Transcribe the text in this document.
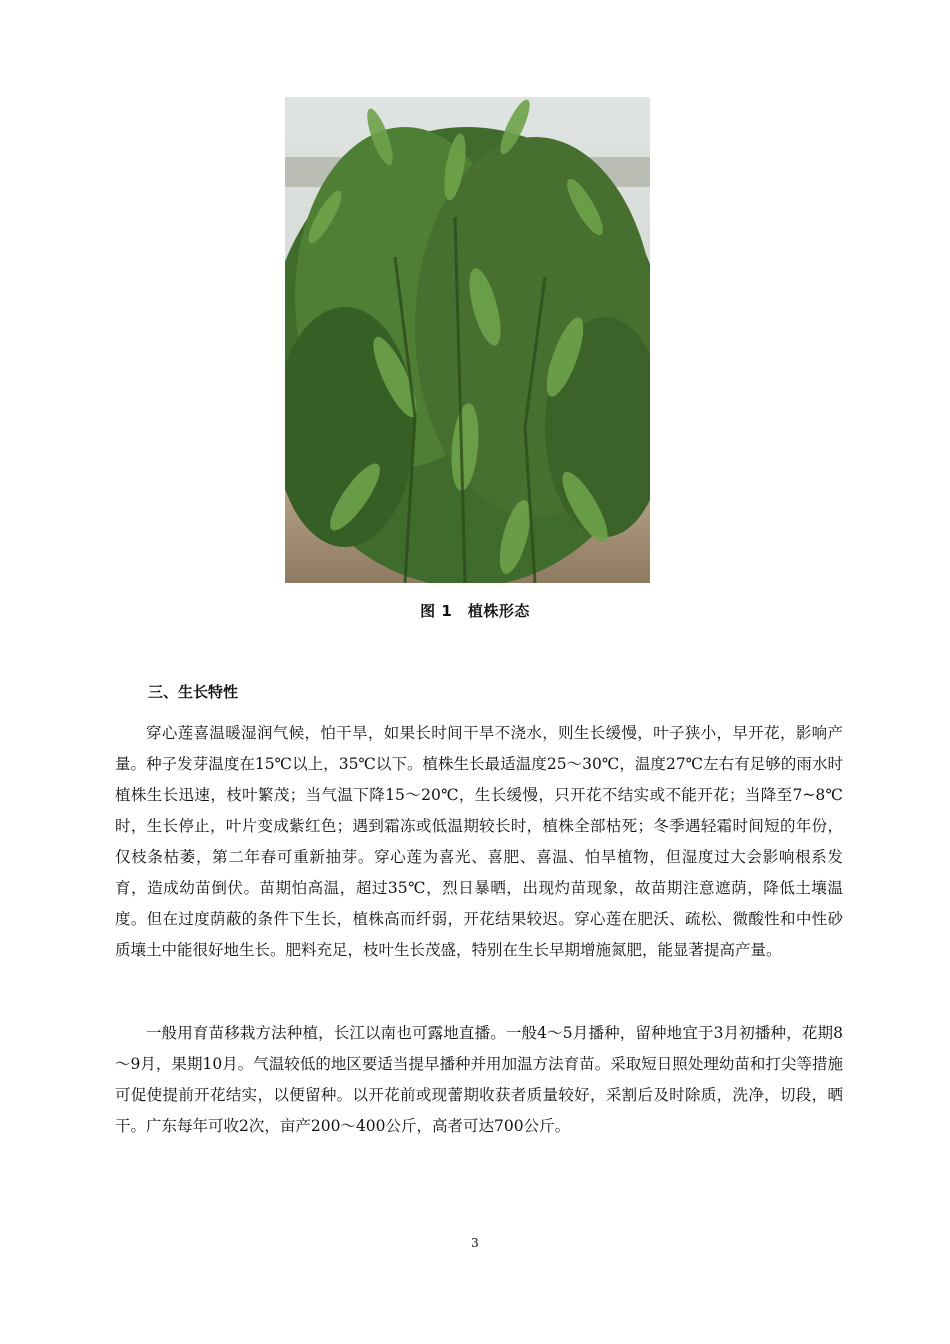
图 1　植株形态
三、生长特性

穿心莲喜温暖湿润气候，怕干旱，如果长时间干旱不浇水，则生长缓慢，叶子狭小，早开花，影响产量。种子发芽温度在15℃以上，35℃以下。植株生长最适温度25～30℃，温度27℃左右有足够的雨水时植株生长迅速，枝叶繁茂；当气温下降15～20℃，生长缓慢，只开花不结实或不能开花；当降至7~8℃时，生长停止，叶片变成紫红色；遇到霜冻或低温期较长时，植株全部枯死；冬季遇轻霜时间短的年份，仅枝条枯萎，第二年春可重新抽芽。穿心莲为喜光、喜肥、喜温、怕旱植物，但湿度过大会影响根系发育，造成幼苗倒伏。苗期怕高温，超过35℃，烈日暴晒，出现灼苗现象，故苗期注意遮荫，降低土壤温度。但在过度荫蔽的条件下生长，植株高而纤弱，开花结果较迟。穿心莲在肥沃、疏松、微酸性和中性砂质壤土中能很好地生长。肥料充足，枝叶生长茂盛，特别在生长早期增施氮肥，能显著提高产量。

一般用育苗移栽方法种植，长江以南也可露地直播。一般4～5月播种，留种地宜于3月初播种，花期8～9月，果期10月。气温较低的地区要适当提早播种并用加温方法育苗。采取短日照处理幼苗和打尖等措施可促使提前开花结实，以便留种。以开花前或现蕾期收获者质量较好，采割后及时除质，洗净，切段，晒干。广东每年可收2次，亩产200～400公斤，高者可达700公斤。

3
